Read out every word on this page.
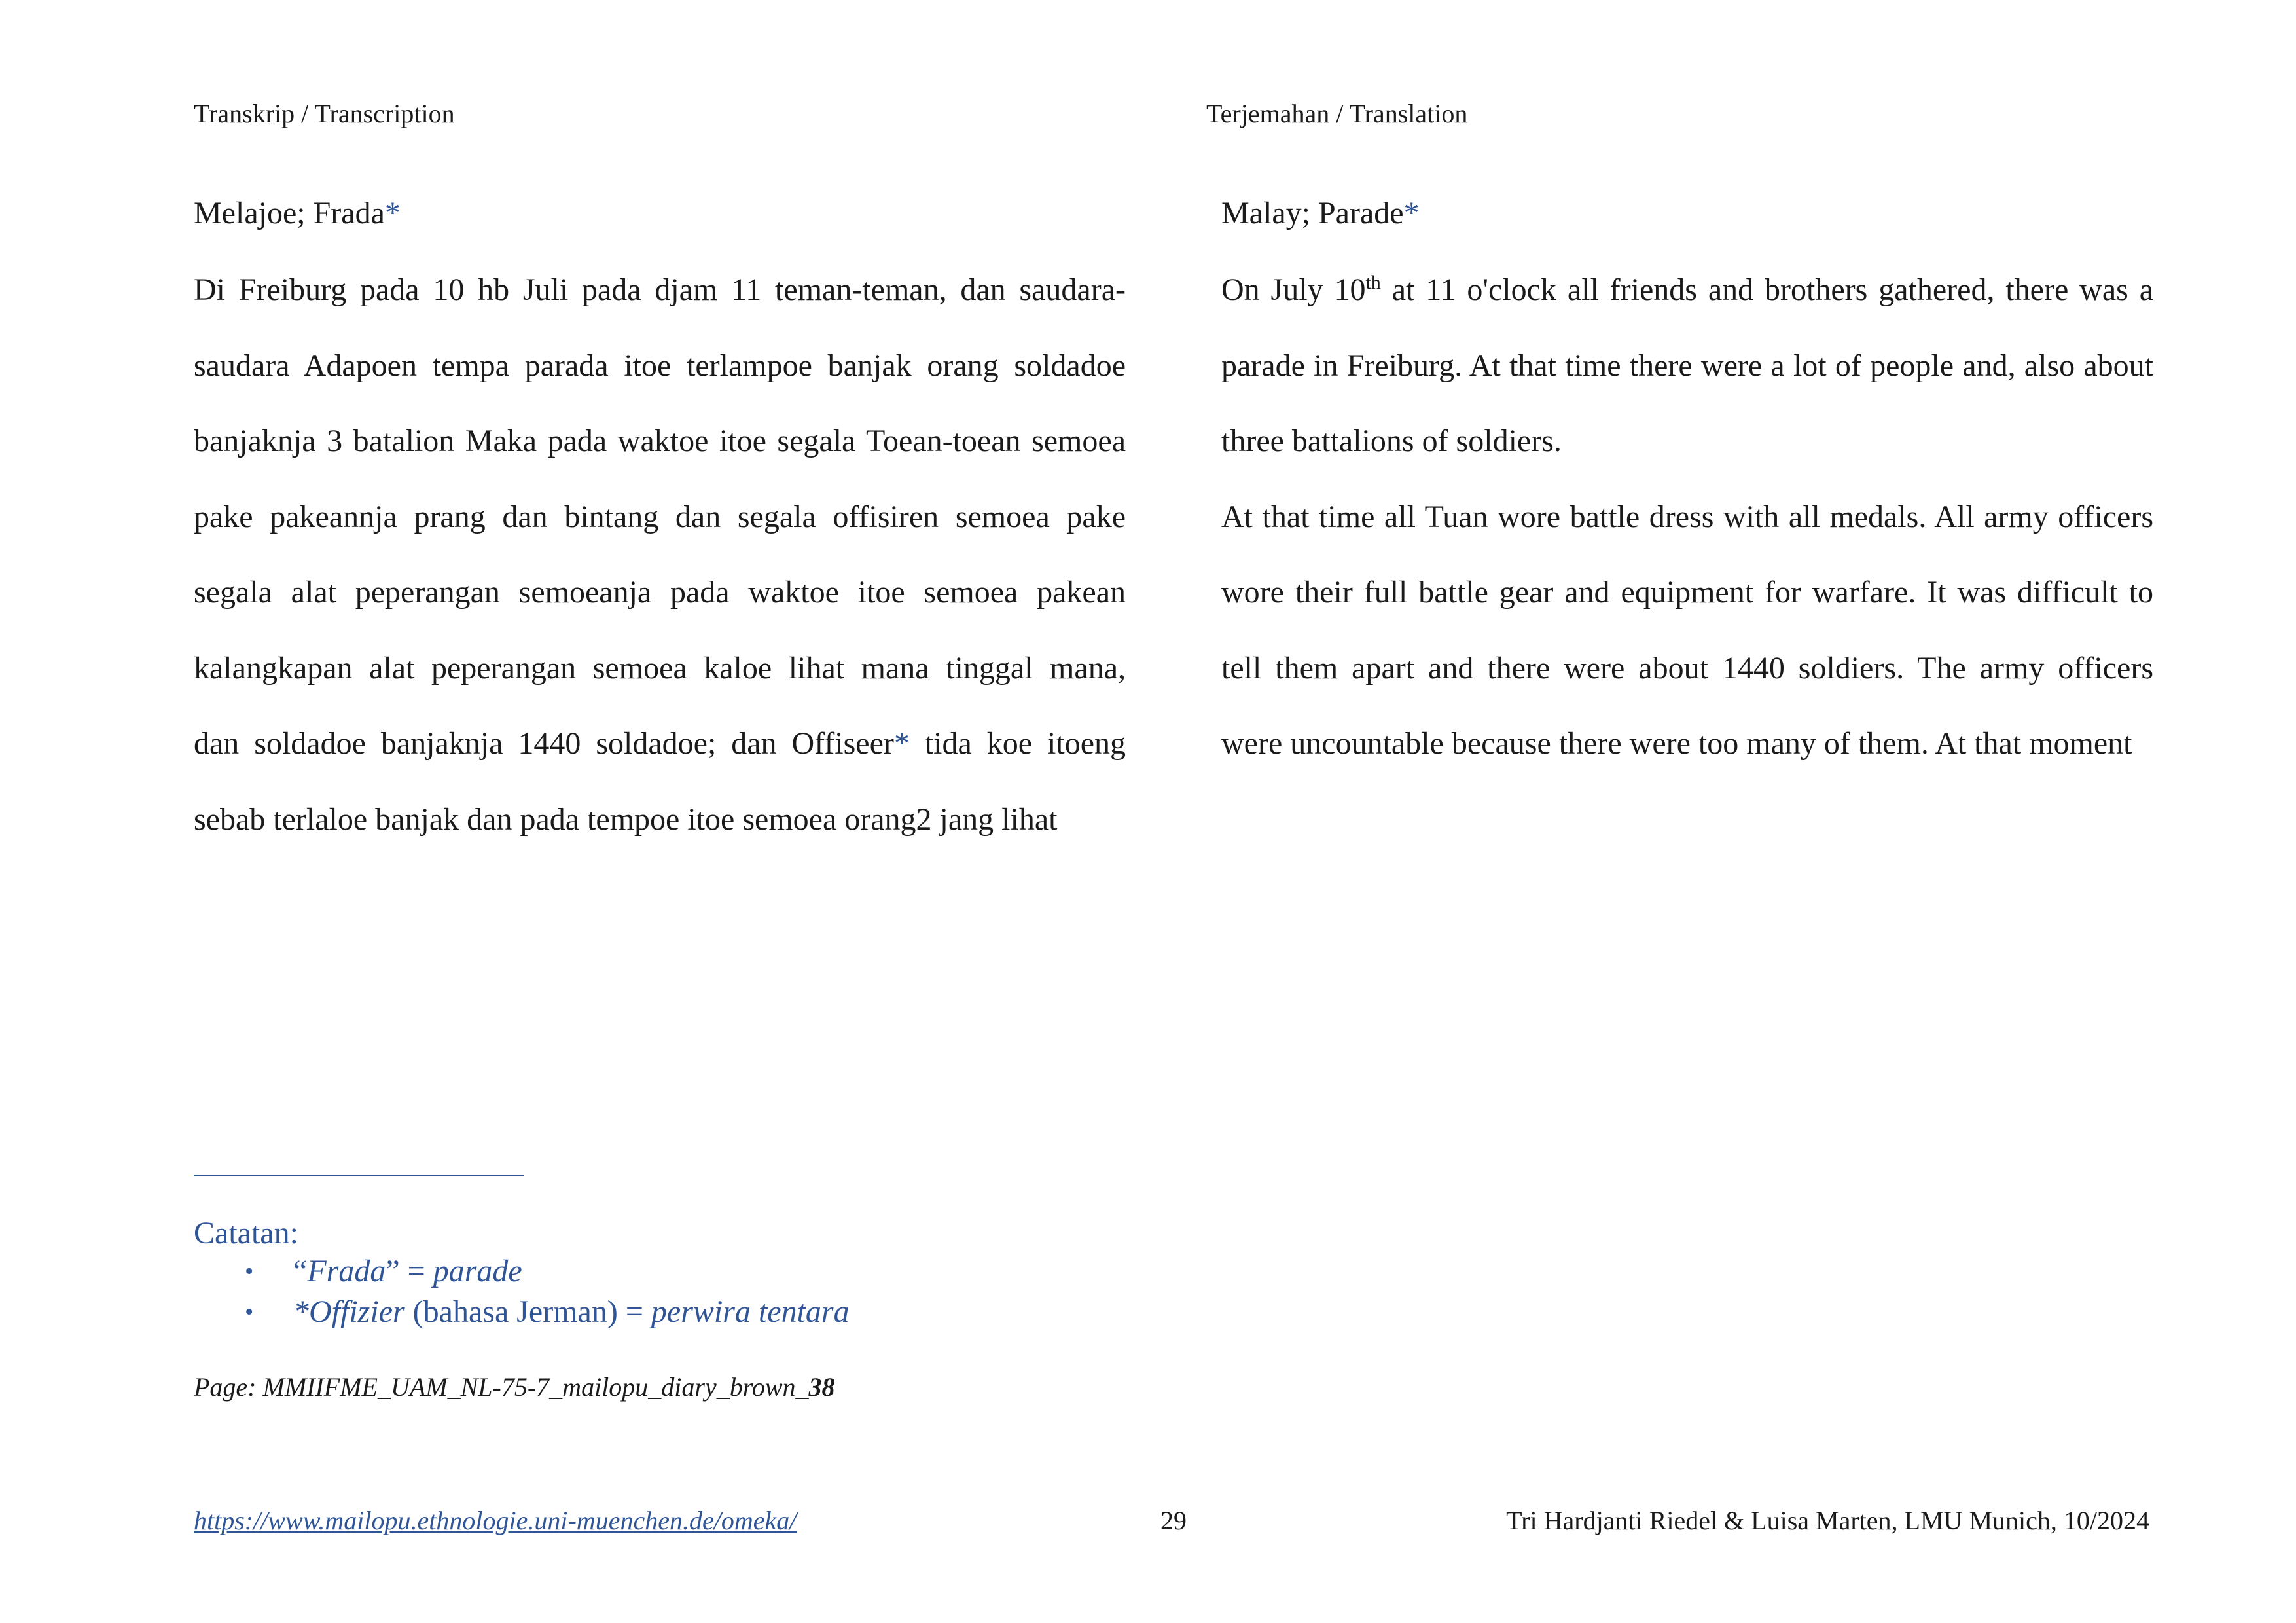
Transkrip / Transcription	Terjemahan / Translation
Melajoe; Frada*

Di Freiburg pada 10 hb Juli pada djam 11 teman-teman, dan saudara-

saudara Adapoen tempa parada itoe terlampoe banjak orang soldadoe

banjaknja 3 batalion Maka pada waktoe itoe segala Toean-toean semoea

pake pakeannja prang dan bintang dan segala offisiren semoea pake

segala alat peperangan semoeanja pada waktoe itoe semoea pakean

kalangkapan alat peperangan semoea kaloe lihat mana tinggal mana,

dan soldadoe banjaknja 1440 soldadoe; dan Offiseer* tida koe itoeng

sebab terlaloe banjak dan pada tempoe itoe semoea orang2 jang lihat

Malay; Parade*

On July 10th at 11 o'clock all friends and brothers gathered, there was a

parade in Freiburg. At that time there were a lot of people and, also about three battalions of soldiers.

At that time all Tuan wore battle dress with all medals. All army officers wore their full battle gear and equipment for warfare. It was difficult to tell them apart and there were about 1440 soldiers. The army officers were uncountable because there were too many of them. At that moment

Catatan:
• “Frada” = parade
• *Offizier (bahasa Jerman) = perwira tentara
Page: MMIIFME_UAM_NL-75-7_mailopu_diary_brown_38
https://www.mailopu.ethnologie.uni-muenchen.de/omeka/	29	Tri Hardjanti Riedel & Luisa Marten, LMU Munich, 10/2024
